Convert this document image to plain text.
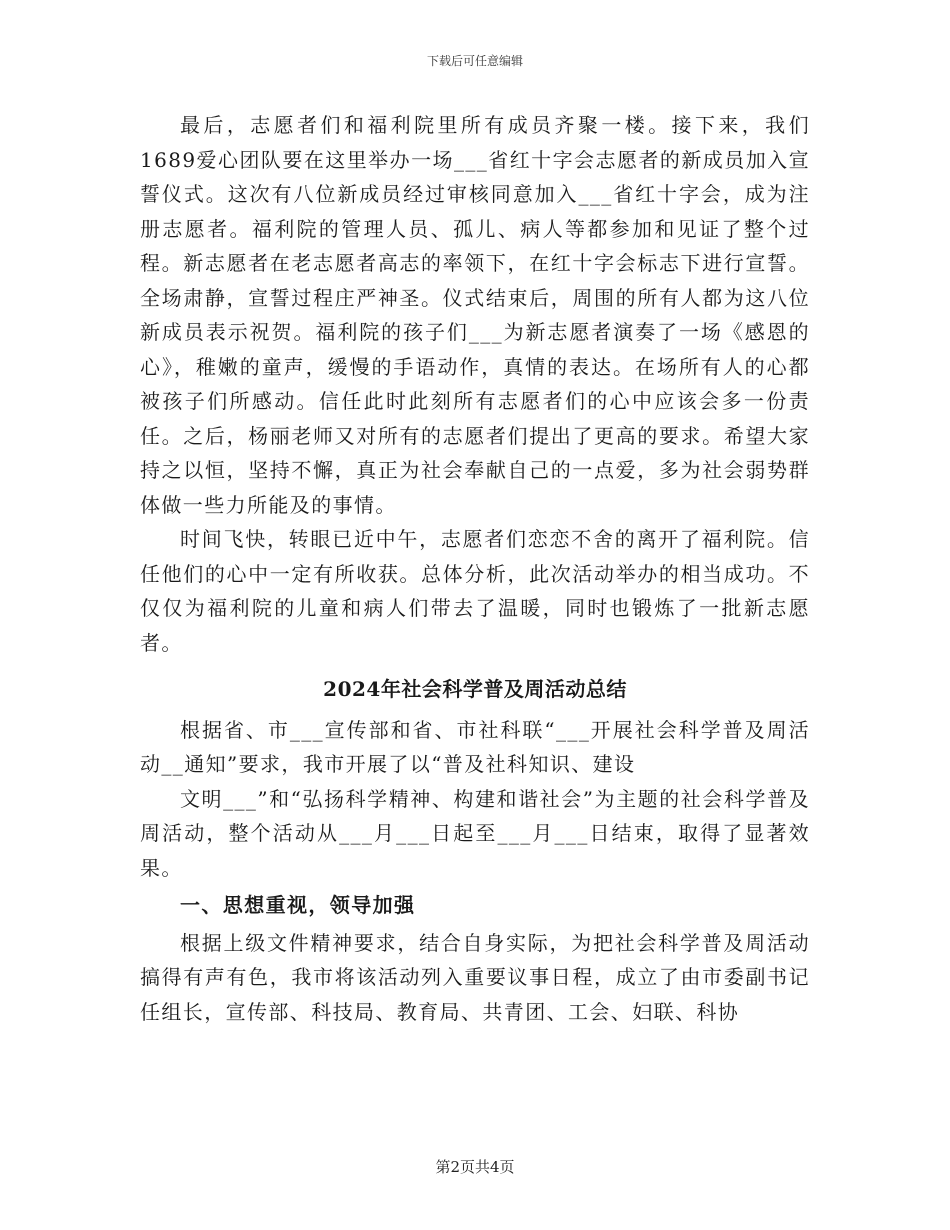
下载后可任意编辑

最后，志愿者们和福利院里所有成员齐聚一楼。接下来，我们1689爱心团队要在这里举办一场___省红十字会志愿者的新成员加入宣誓仪式。这次有八位新成员经过审核同意加入___省红十字会，成为注册志愿者。福利院的管理人员、孤儿、病人等都参加和见证了整个过程。新志愿者在老志愿者高志的率领下，在红十字会标志下进行宣誓。全场肃静，宣誓过程庄严神圣。仪式结束后，周围的所有人都为这八位新成员表示祝贺。福利院的孩子们___为新志愿者演奏了一场《感恩的心》，稚嫩的童声，缓慢的手语动作，真情的表达。在场所有人的心都被孩子们所感动。信任此时此刻所有志愿者们的心中应该会多一份责任。之后，杨丽老师又对所有的志愿者们提出了更高的要求。希望大家持之以恒，坚持不懈，真正为社会奉献自己的一点爱，多为社会弱势群体做一些力所能及的事情。

时间飞快，转眼已近中午，志愿者们恋恋不舍的离开了福利院。信任他们的心中一定有所收获。总体分析，此次活动举办的相当成功。不仅仅为福利院的儿童和病人们带去了温暖，同时也锻炼了一批新志愿者。

2024年社会科学普及周活动总结

根据省、市___宣传部和省、市社科联“___开展社会科学普及周活动__通知”要求，我市开展了以“普及社科知识、建设

文明___”和“弘扬科学精神、构建和谐社会”为主题的社会科学普及周活动，整个活动从___月___日起至___月___日结束，取得了显著效果。

一、思想重视，领导加强

根据上级文件精神要求，结合自身实际，为把社会科学普及周活动搞得有声有色，我市将该活动列入重要议事日程，成立了由市委副书记任组长，宣传部、科技局、教育局、共青团、工会、妇联、科协

第2页共4页
